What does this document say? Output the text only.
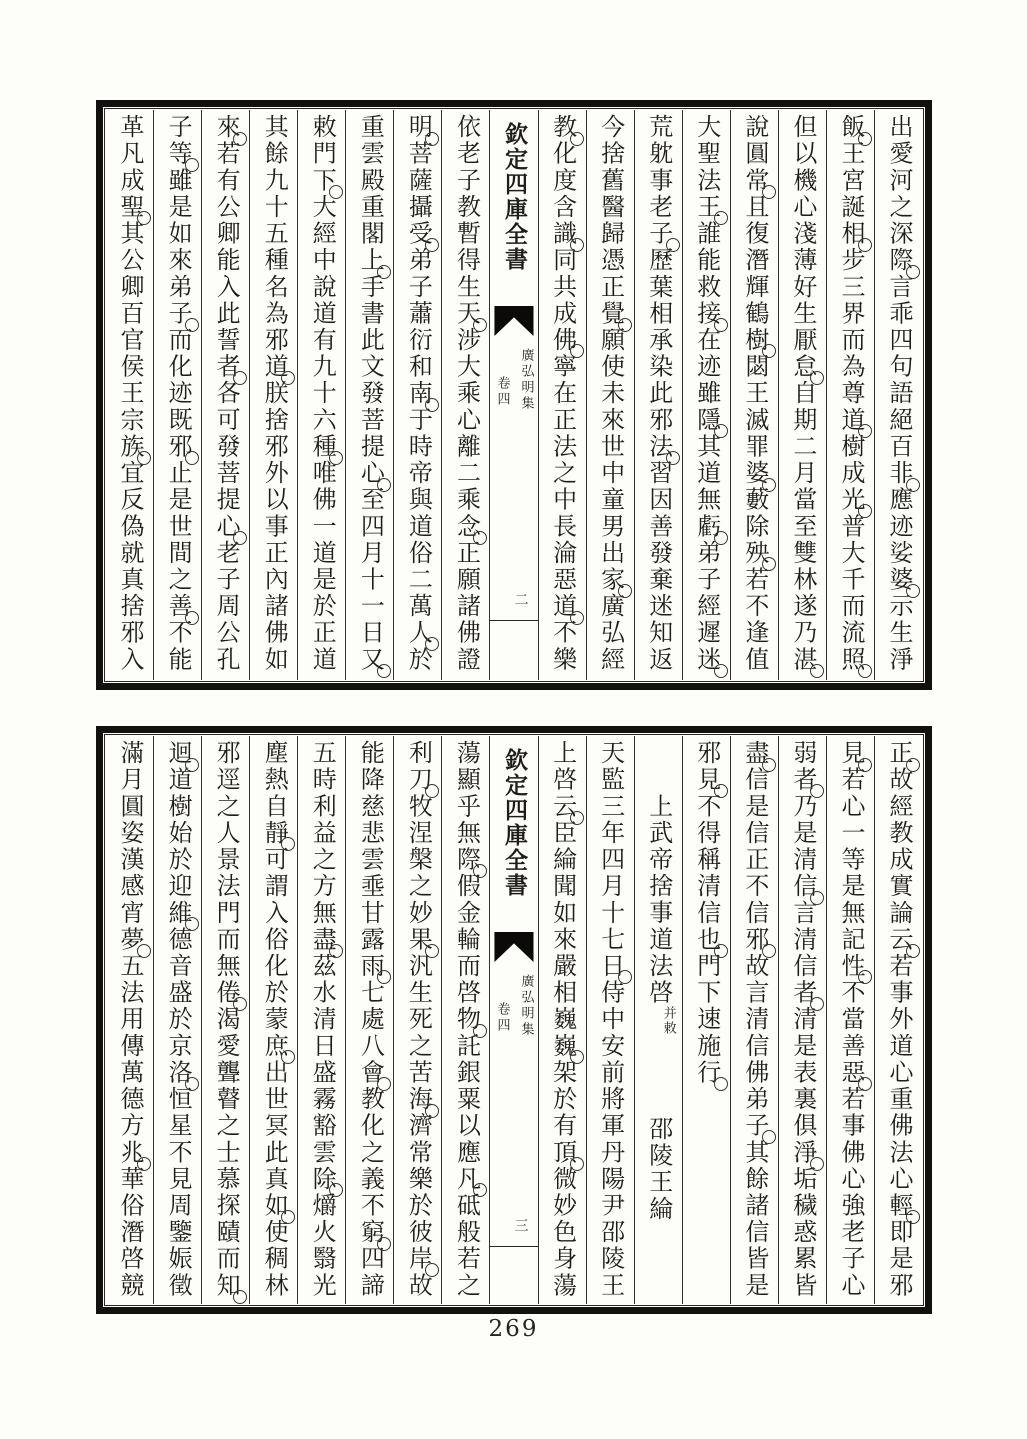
出愛河之深際言乖四句語絕百非應迹娑婆示生淨
飯王宮誕相步三界而為尊道樹成光普大千而流照
但以機心淺薄好生厭怠自期二月當至雙林遂乃湛
說圓常且復潛輝鶴樹閟王滅罪婆藪除殃若不逢值
大聖法王誰能救接在迹雖隱其道無虧弟子經遲迷
荒躭事老子歷葉相承染此邪法習因善發棄迷知返
今捨舊醫歸憑正覺願使未來世中童男出家廣弘經
教化度含識同共成佛寧在正法之中長淪惡道不樂
欽定四庫全書
廣弘明集
卷四
二
依老子教暫得生天涉大乘心離二乘念正願諸佛證
明菩薩攝受弟子蕭衍和南于時帝與道俗二萬人於
重雲殿重閣上手書此文發菩提心至四月十一日又
敕門下大經中說道有九十六種唯佛一道是於正道
其餘九十五種名為邪道朕捨邪外以事正內諸佛如
來若有公卿能入此誓者各可發菩提心老子周公孔
子等雖是如來弟子而化迹既邪止是世間之善不能
革凡成聖其公卿百官侯王宗族宜反偽就真捨邪入
正故經教成實論云若事外道心重佛法心輕即是邪
見若心一等是無記性不當善惡若事佛心強老子心
弱者乃是清信言清信者清是表裏俱淨垢穢惑累皆
盡信是信正不信邪故言清信佛弟子其餘諸信皆是
邪見不得稱清信也門下速施行
上武帝捨事道法啓并敕邵陵王綸
天監三年四月十七日侍中安前將軍丹陽尹邵陵王
上啓云臣綸聞如來嚴相巍巍架於有頂微妙色身蕩
欽定四庫全書
廣弘明集
卷四
三
蕩顯乎無際假金輪而啓物託銀粟以應凡砥般若之
利刀牧涅槃之妙果汎生死之苦海濟常樂於彼岸故
能降慈悲雲埀甘露雨七處八會教化之義不窮四諦
五時利益之方無盡茲水清日盛霧豁雲除爝火翳光
塵熱自靜可謂入俗化於蒙庶出世冥此真如使稠林
邪逕之人景法門而無倦渴愛聾瞽之士慕探賾而知
迴道樹始於迎維德音盛於京洛恒星不見周鑒娠徵
滿月圓姿漢感宵夢五法用傳萬德方兆華俗潛啓競
269
